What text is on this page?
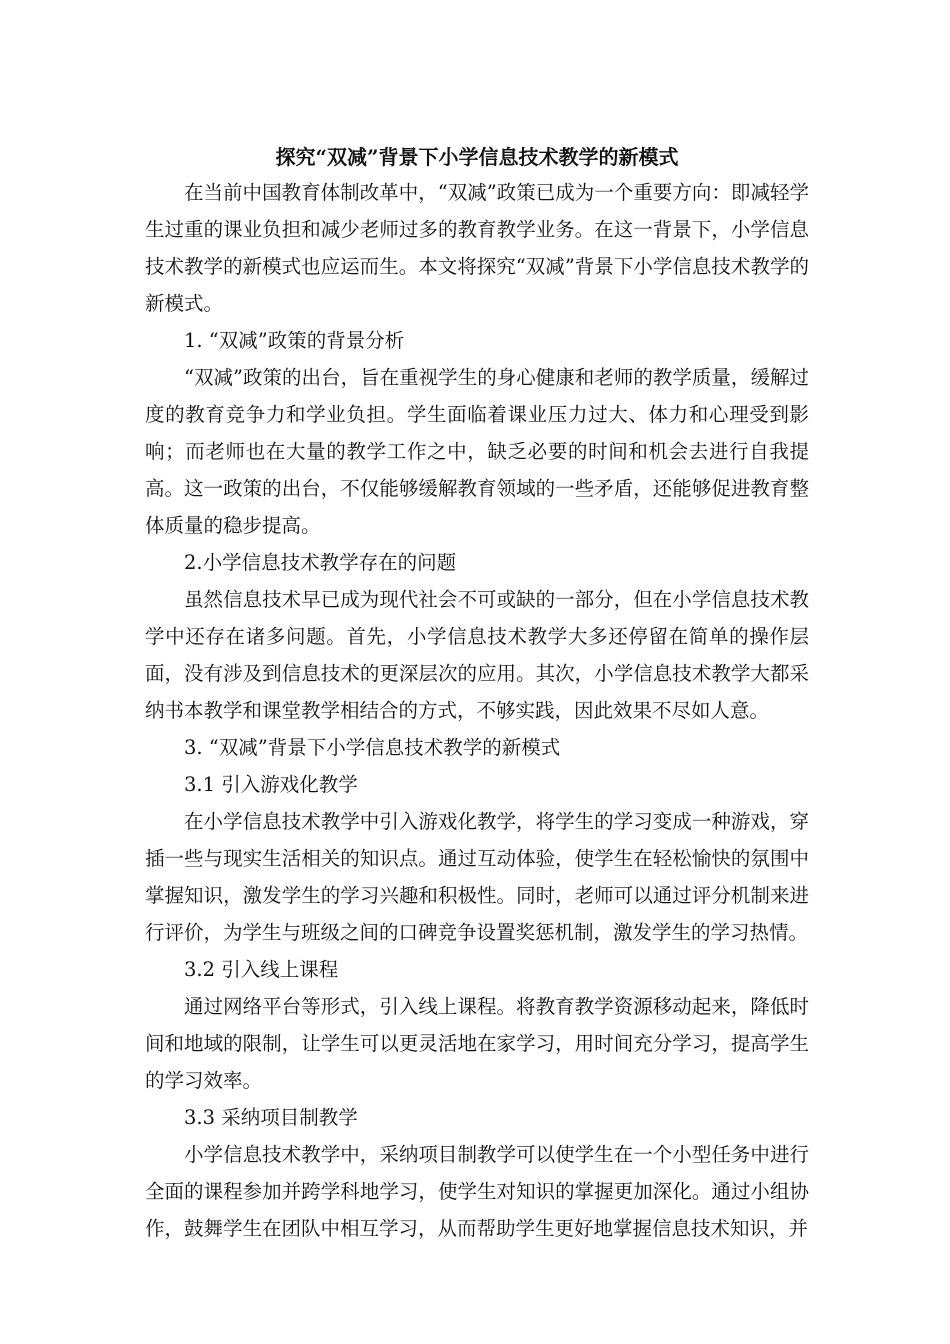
探究“双减”背景下小学信息技术教学的新模式

在当前中国教育体制改革中，“双减”政策已成为一个重要方向：即减轻学生过重的课业负担和减少老师过多的教育教学业务。在这一背景下，小学信息技术教学的新模式也应运而生。本文将探究“双减”背景下小学信息技术教学的新模式。

1. “双减”政策的背景分析

“双减”政策的出台，旨在重视学生的身心健康和老师的教学质量，缓解过度的教育竞争力和学业负担。学生面临着课业压力过大、体力和心理受到影响；而老师也在大量的教学工作之中，缺乏必要的时间和机会去进行自我提高。这一政策的出台，不仅能够缓解教育领域的一些矛盾，还能够促进教育整体质量的稳步提高。

2.小学信息技术教学存在的问题

虽然信息技术早已成为现代社会不可或缺的一部分，但在小学信息技术教学中还存在诸多问题。首先，小学信息技术教学大多还停留在简单的操作层面，没有涉及到信息技术的更深层次的应用。其次，小学信息技术教学大都采纳书本教学和课堂教学相结合的方式，不够实践，因此效果不尽如人意。

3. “双减”背景下小学信息技术教学的新模式

3.1 引入游戏化教学

在小学信息技术教学中引入游戏化教学，将学生的学习变成一种游戏，穿插一些与现实生活相关的知识点。通过互动体验，使学生在轻松愉快的氛围中掌握知识，激发学生的学习兴趣和积极性。同时，老师可以通过评分机制来进行评价，为学生与班级之间的口碑竞争设置奖惩机制，激发学生的学习热情。

3.2 引入线上课程

通过网络平台等形式，引入线上课程。将教育教学资源移动起来，降低时间和地域的限制，让学生可以更灵活地在家学习，用时间充分学习，提高学生的学习效率。

3.3 采纳项目制教学

小学信息技术教学中，采纳项目制教学可以使学生在一个小型任务中进行全面的课程参加并跨学科地学习，使学生对知识的掌握更加深化。通过小组协作，鼓舞学生在团队中相互学习，从而帮助学生更好地掌握信息技术知识，并
